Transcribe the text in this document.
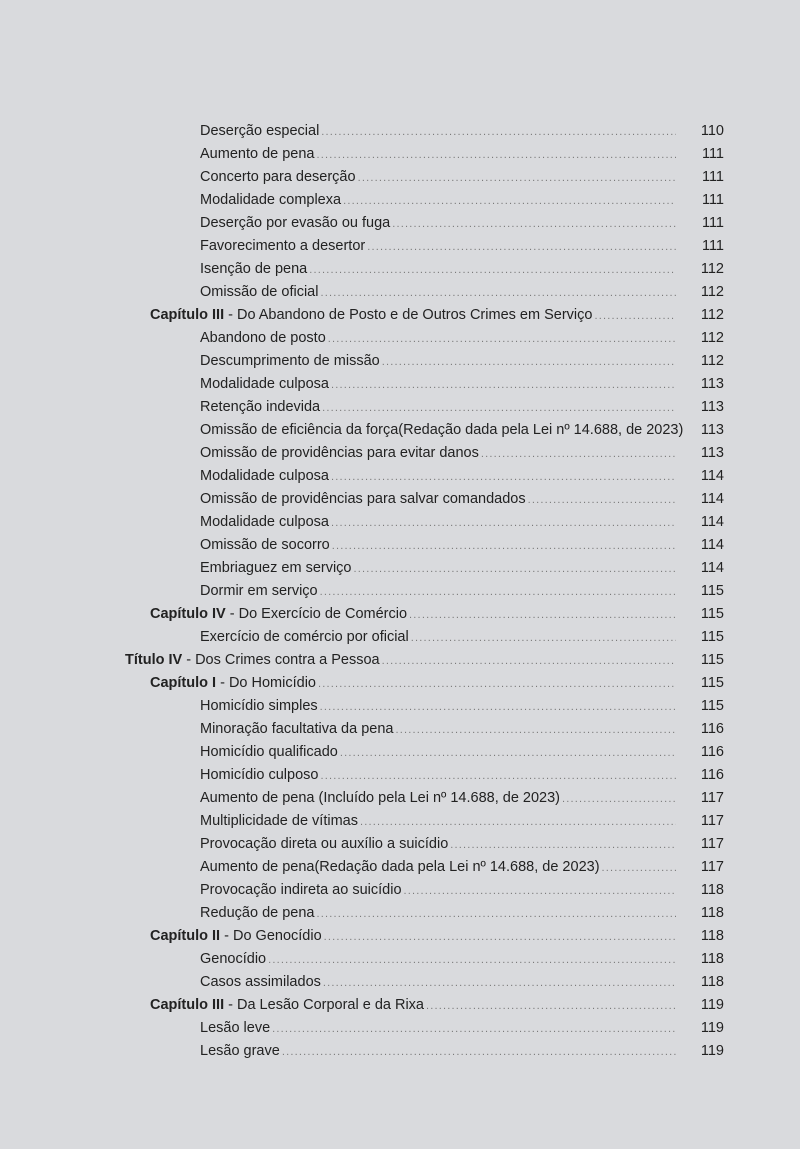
Deserção especial .....	110
Aumento de pena .....	111
Concerto para deserção .....	111
Modalidade complexa .....	111
Deserção por evasão ou fuga .....	111
Favorecimento a desertor .....	111
Isenção de pena .....	112
Omissão de oficial .....	112
Capítulo III - Do Abandono de Posto e de Outros Crimes em Serviço .....	112
Abandono de posto .....	112
Descumprimento de missão .....	112
Modalidade culposa .....	113
Retenção indevida .....	113
Omissão de eficiência da força(Redação dada pela Lei nº 14.688, de 2023)	113
Omissão de providências para evitar danos .....	113
Modalidade culposa .....	114
Omissão de providências para salvar comandados .....	114
Modalidade culposa .....	114
Omissão de socorro .....	114
Embriaguez em serviço .....	114
Dormir em serviço .....	115
Capítulo IV - Do Exercício de Comércio .....	115
Exercício de comércio por oficial .....	115
Título IV - Dos Crimes contra a Pessoa .....	115
Capítulo I - Do Homicídio .....	115
Homicídio simples .....	115
Minoração facultativa da pena .....	116
Homicídio qualificado .....	116
Homicídio culposo .....	116
Aumento de pena (Incluído pela Lei nº 14.688, de 2023) .....	117
Multiplicidade de vítimas .....	117
Provocação direta ou auxílio a suicídio .....	117
Aumento de pena(Redação dada pela Lei nº 14.688, de 2023) .....	117
Provocação indireta ao suicídio .....	118
Redução de pena .....	118
Capítulo II - Do Genocídio .....	118
Genocídio .....	118
Casos assimilados .....	118
Capítulo III - Da Lesão Corporal e da Rixa .....	119
Lesão leve .....	119
Lesão grave .....	119
